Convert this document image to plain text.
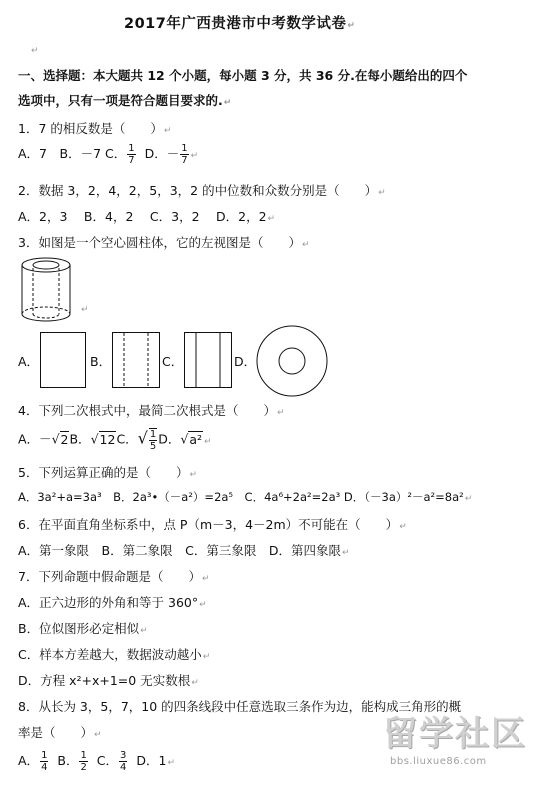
2017年广西贵港市中考数学试卷↵
↵
一、选择题：本大题共 12 个小题，每小题 3 分，共 36 分.在每小题给出的四个
选项中，只有一项是符合题目要求的.↵
1．7 的相反数是（　　）↵
A．7　B．－7 C． $\frac{1}{7}$ D．－ $\frac{1}{7}$ ↵
2．数据 3，2，4，2，5，3，2 的中位数和众数分别是（　　）↵
A．2，3　 B．4，2　 C．3，2　 D．2，2↵
3．如图是一个空心圆柱体，它的左视图是（　　）↵
↵
A．	B．	C．	D．
4．下列二次根式中，最简二次根式是（　　）↵
A．－√2B．√12C．√ $\frac{1}{5}$ D．√a² ↵
5．下列运算正确的是（　　）↵
A．3a²+a=3a³　B．2a³•（－a²）=2a⁵　C．4a⁶+2a²=2a³ D．（－3a）²－a²=8a²↵
6．在平面直角坐标系中，点 P（m－3，4－2m）不可能在（　　）↵
A．第一象限　B．第二象限　C．第三象限　D．第四象限↵
7．下列命题中假命题是（　　）↵
A．正六边形的外角和等于 360°↵
B．位似图形必定相似↵
C．样本方差越大，数据波动越小↵
D．方程 x²+x+1=0 无实数根↵
8．从长为 3，5，7，10 的四条线段中任意选取三条作为边，能构成三角形的概
率是（　　）↵
A． $\frac{1}{4}$ B． $\frac{1}{2}$ C． $\frac{3}{4}$ D．1↵
留学社区
bbs.liuxue86.com
